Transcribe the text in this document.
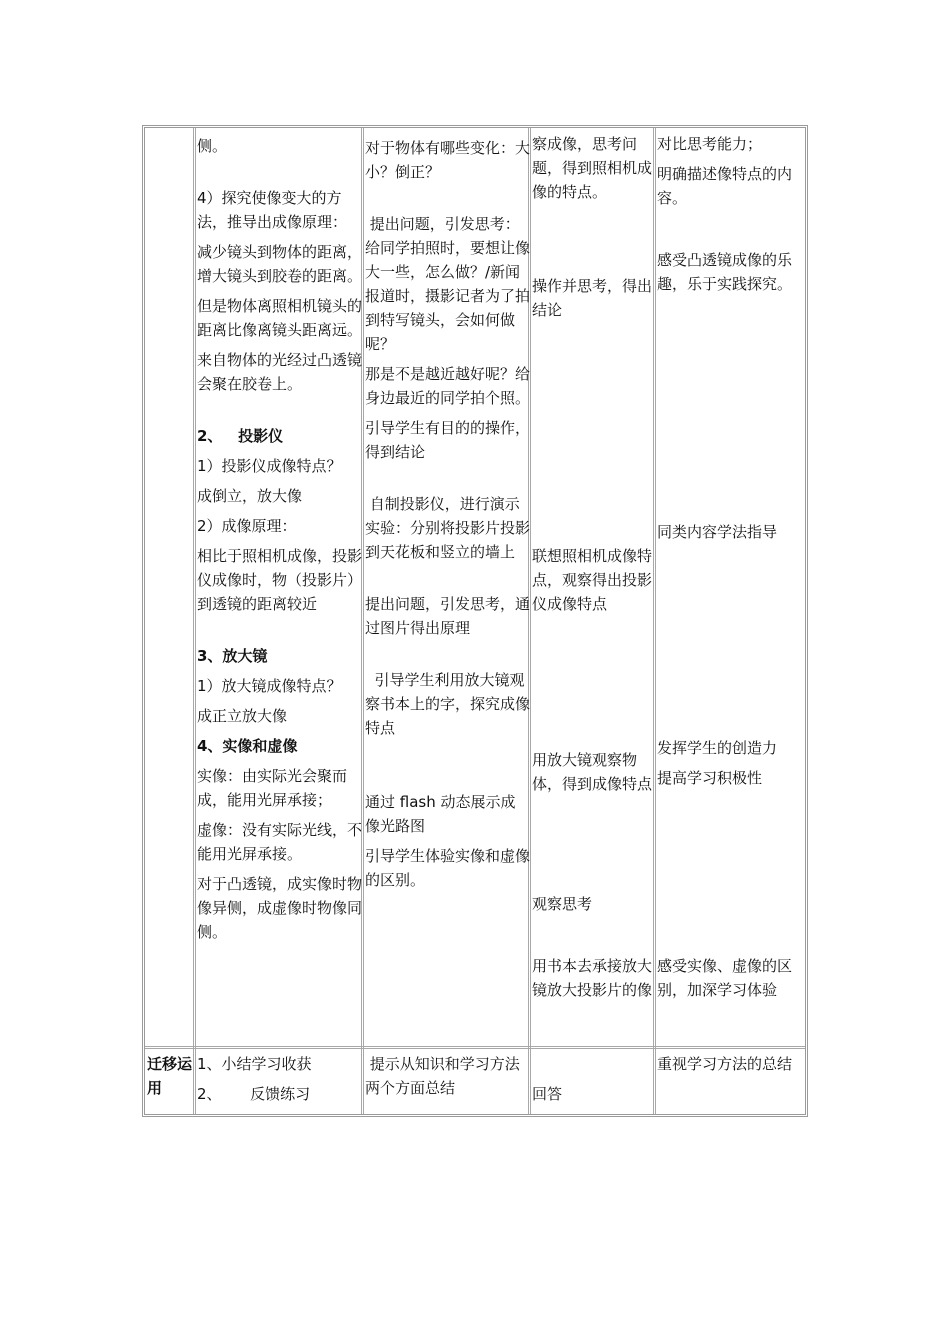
侧。

4）探究使像变大的方法，推导出成像原理：

减少镜头到物体的距离，增大镜头到胶卷的距离。

但是物体离照相机镜头的距离比像离镜头距离远。

来自物体的光经过凸透镜会聚在胶卷上。

2、   投影仪

1）投影仪成像特点？

成倒立，放大像

2）成像原理：

相比于照相机成像，投影仪成像时，物（投影片）到透镜的距离较近

3、放大镜

1）放大镜成像特点？

成正立放大像

4、实像和虚像

实像：由实际光会聚而成，能用光屏承接；

虚像：没有实际光线，不能用光屏承接。

对于凸透镜，成实像时物像异侧，成虚像时物像同侧。

对于物体有哪些变化：大小？倒正？

提出问题，引发思考：给同学拍照时，要想让像大一些，怎么做？/新闻报道时，摄影记者为了拍到特写镜头，会如何做呢？

那是不是越近越好呢？给身边最近的同学拍个照。

引导学生有目的的操作，得到结论

自制投影仪，进行演示实验：分别将投影片投影到天花板和竖立的墙上

提出问题，引发思考，通过图片得出原理

引导学生利用放大镜观察书本上的字，探究成像特点

通过 flash 动态展示成像光路图

引导学生体验实像和虚像的区别。

察成像，思考问题，得到照相机成像的特点。

操作并思考，得出结论

联想照相机成像特点，观察得出投影仪成像特点

用放大镜观察物体，得到成像特点

观察思考

用书本去承接放大镜放大投影片的像

对比思考能力；

明确描述像特点的内容。

感受凸透镜成像的乐趣，乐于实践探究。

同类内容学法指导

发挥学生的创造力

提高学习积极性

感受实像、虚像的区别，加深学习体验

迁移运用

1、小结学习收获

2、      反馈练习

提示从知识和学习方法两个方面总结	回答

重视学习方法的总结
